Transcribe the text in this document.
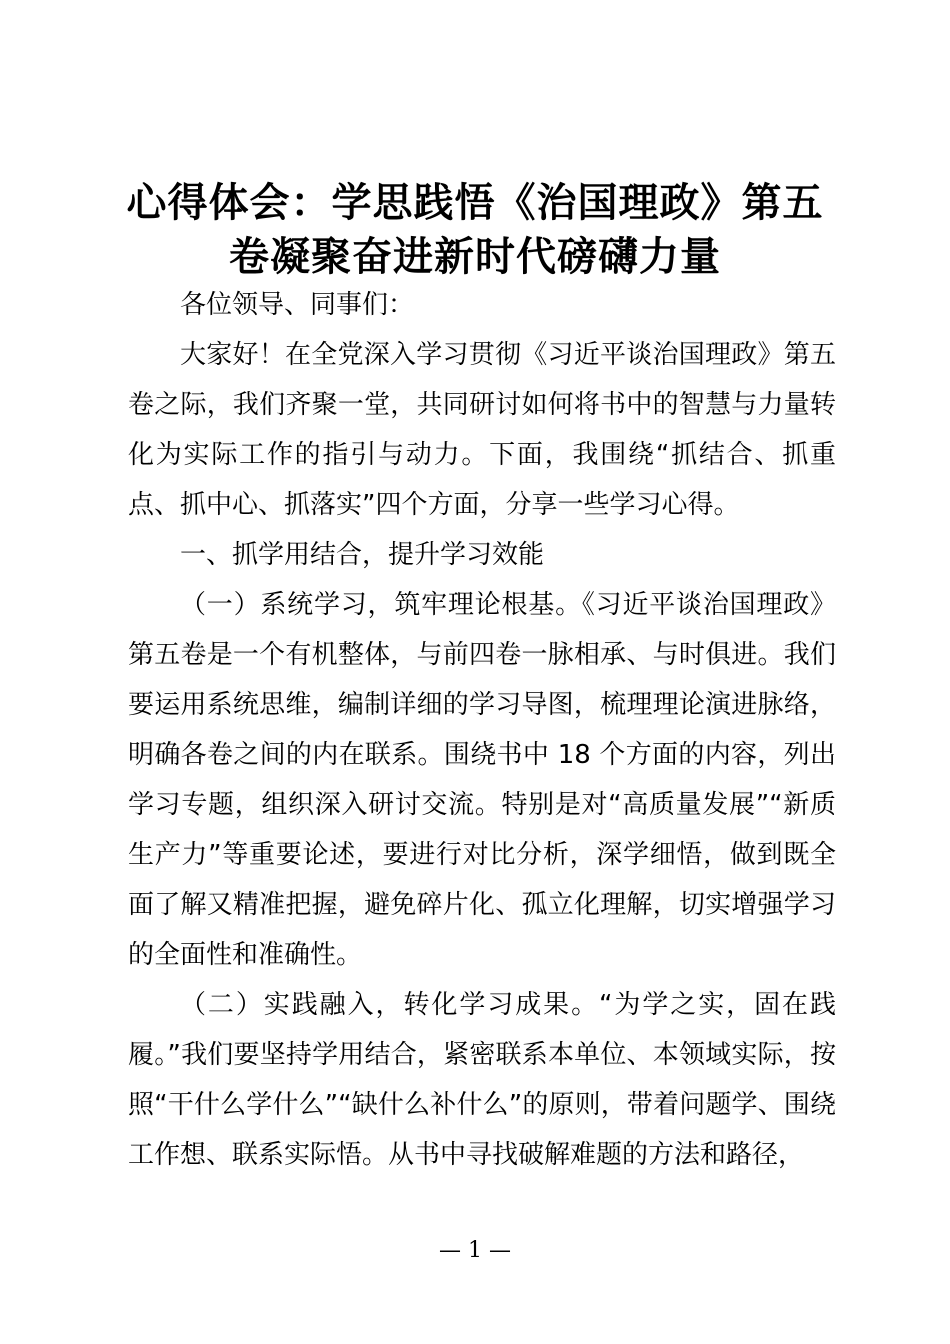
心得体会：学思践悟《治国理政》第五卷凝聚奋进新时代磅礴力量

各位领导、同事们：

大家好！在全党深入学习贯彻《习近平谈治国理政》第五卷之际，我们齐聚一堂，共同研讨如何将书中的智慧与力量转化为实际工作的指引与动力。下面，我围绕“抓结合、抓重点、抓中心、抓落实”四个方面，分享一些学习心得。

一、抓学用结合，提升学习效能

（一）系统学习，筑牢理论根基。《习近平谈治国理政》第五卷是一个有机整体，与前四卷一脉相承、与时俱进。我们要运用系统思维，编制详细的学习导图，梳理理论演进脉络，明确各卷之间的内在联系。围绕书中 18 个方面的内容，列出学习专题，组织深入研讨交流。特别是对“高质量发展”“新质生产力”等重要论述，要进行对比分析，深学细悟，做到既全面了解又精准把握，避免碎片化、孤立化理解，切实增强学习的全面性和准确性。

（二）实践融入，转化学习成果。“为学之实，固在践履。”我们要坚持学用结合，紧密联系本单位、本领域实际，按照“干什么学什么”“缺什么补什么”的原则，带着问题学、围绕工作想、联系实际悟。从书中寻找破解难题的方法和路径，

— 1 —
